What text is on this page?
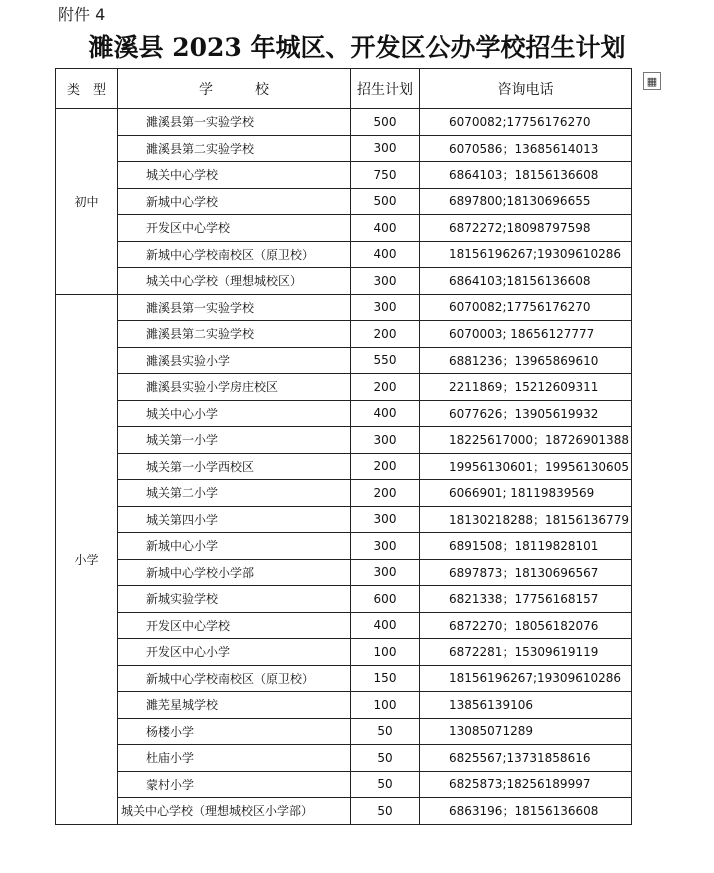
附件 4
濉溪县 2023 年城区、开发区公办学校招生计划
▦
类　型	学　　　校	招生计划	咨询电话
初中	濉溪县第一实验学校	500	6070082;17756176270
	濉溪县第二实验学校	300	6070586；13685614013
	城关中心学校	750	6864103；18156136608
	新城中心学校	500	6897800;18130696655
	开发区中心学校	400	6872272;18098797598
	新城中心学校南校区（原卫校）	400	18156196267;19309610286
	城关中心学校（理想城校区）	300	6864103;18156136608
小学	濉溪县第一实验学校	300	6070082;17756176270
	濉溪县第二实验学校	200	6070003; 18656127777
	濉溪县实验小学	550	6881236；13965869610
	濉溪县实验小学房庄校区	200	2211869；15212609311
	城关中心小学	400	6077626；13905619932
	城关第一小学	300	18225617000；18726901388
	城关第一小学西校区	200	19956130601；19956130605
	城关第二小学	200	6066901; 18119839569
	城关第四小学	300	18130218288；18156136779
	新城中心小学	300	6891508；18119828101
	新城中心学校小学部	300	6897873；18130696567
	新城实验学校	600	6821338；17756168157
	开发区中心学校	400	6872270；18056182076
	开发区中心小学	100	6872281；15309619119
	新城中心学校南校区（原卫校）	150	18156196267;19309610286
	濉芜星城学校	100	13856139106
	杨楼小学	50	13085071289
	杜庙小学	50	6825567;13731858616
	蒙村小学	50	6825873;18256189997
	城关中心学校（理想城校区小学部）	50	6863196；18156136608
